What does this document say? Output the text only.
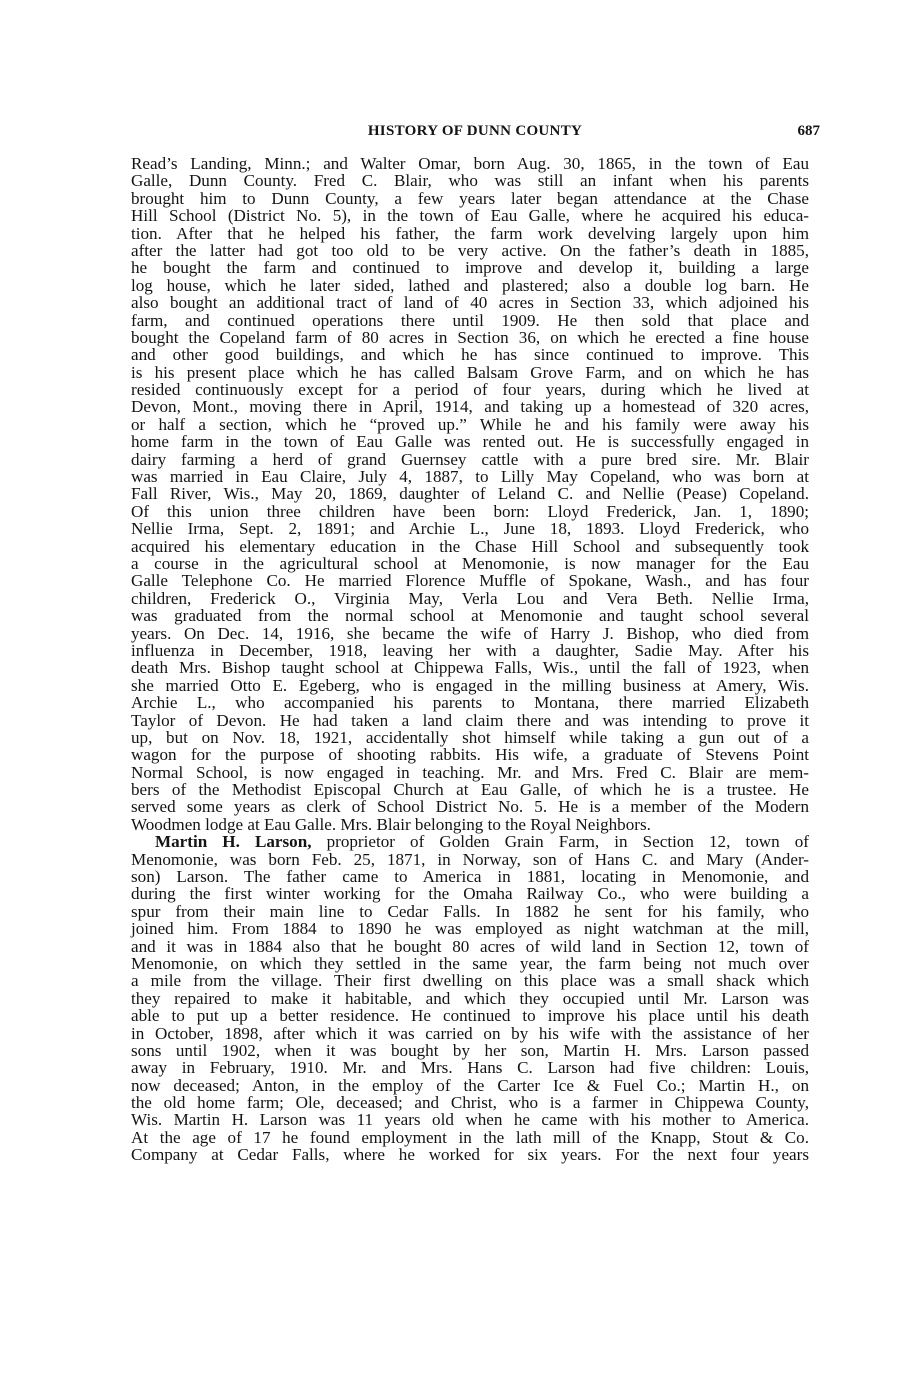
HISTORY OF DUNN COUNTY	687
Read’s Landing, Minn.; and Walter Omar, born Aug. 30, 1865, in the town of Eau
Galle, Dunn County. Fred C. Blair, who was still an infant when his parents
brought him to Dunn County, a few years later began attendance at the Chase
Hill School (District No. 5), in the town of Eau Galle, where he acquired his educa-
tion. After that he helped his father, the farm work develving largely upon him
after the latter had got too old to be very active. On the father’s death in 1885,
he bought the farm and continued to improve and develop it, building a large
log house, which he later sided, lathed and plastered; also a double log barn. He
also bought an additional tract of land of 40 acres in Section 33, which adjoined his
farm, and continued operations there until 1909. He then sold that place and
bought the Copeland farm of 80 acres in Section 36, on which he erected a fine house
and other good buildings, and which he has since continued to improve. This
is his present place which he has called Balsam Grove Farm, and on which he has
resided continuously except for a period of four years, during which he lived at
Devon, Mont., moving there in April, 1914, and taking up a homestead of 320 acres,
or half a section, which he “proved up.” While he and his family were away his
home farm in the town of Eau Galle was rented out. He is successfully engaged in
dairy farming a herd of grand Guernsey cattle with a pure bred sire. Mr. Blair
was married in Eau Claire, July 4, 1887, to Lilly May Copeland, who was born at
Fall River, Wis., May 20, 1869, daughter of Leland C. and Nellie (Pease) Copeland.
Of this union three children have been born: Lloyd Frederick, Jan. 1, 1890;
Nellie Irma, Sept. 2, 1891; and Archie L., June 18, 1893. Lloyd Frederick, who
acquired his elementary education in the Chase Hill School and subsequently took
a course in the agricultural school at Menomonie, is now manager for the Eau
Galle Telephone Co. He married Florence Muffle of Spokane, Wash., and has four
children, Frederick O., Virginia May, Verla Lou and Vera Beth. Nellie Irma,
was graduated from the normal school at Menomonie and taught school several
years. On Dec. 14, 1916, she became the wife of Harry J. Bishop, who died from
influenza in December, 1918, leaving her with a daughter, Sadie May. After his
death Mrs. Bishop taught school at Chippewa Falls, Wis., until the fall of 1923, when
she married Otto E. Egeberg, who is engaged in the milling business at Amery, Wis.
Archie L., who accompanied his parents to Montana, there married Elizabeth
Taylor of Devon. He had taken a land claim there and was intending to prove it
up, but on Nov. 18, 1921, accidentally shot himself while taking a gun out of a
wagon for the purpose of shooting rabbits. His wife, a graduate of Stevens Point
Normal School, is now engaged in teaching. Mr. and Mrs. Fred C. Blair are mem-
bers of the Methodist Episcopal Church at Eau Galle, of which he is a trustee. He
served some years as clerk of School District No. 5. He is a member of the Modern
Woodmen lodge at Eau Galle. Mrs. Blair belonging to the Royal Neighbors.
Martin H. Larson, proprietor of Golden Grain Farm, in Section 12, town of
Menomonie, was born Feb. 25, 1871, in Norway, son of Hans C. and Mary (Ander-
son) Larson. The father came to America in 1881, locating in Menomonie, and
during the first winter working for the Omaha Railway Co., who were building a
spur from their main line to Cedar Falls. In 1882 he sent for his family, who
joined him. From 1884 to 1890 he was employed as night watchman at the mill,
and it was in 1884 also that he bought 80 acres of wild land in Section 12, town of
Menomonie, on which they settled in the same year, the farm being not much over
a mile from the village. Their first dwelling on this place was a small shack which
they repaired to make it habitable, and which they occupied until Mr. Larson was
able to put up a better residence. He continued to improve his place until his death
in October, 1898, after which it was carried on by his wife with the assistance of her
sons until 1902, when it was bought by her son, Martin H. Mrs. Larson passed
away in February, 1910. Mr. and Mrs. Hans C. Larson had five children: Louis,
now deceased; Anton, in the employ of the Carter Ice & Fuel Co.; Martin H., on
the old home farm; Ole, deceased; and Christ, who is a farmer in Chippewa County,
Wis. Martin H. Larson was 11 years old when he came with his mother to America.
At the age of 17 he found employment in the lath mill of the Knapp, Stout & Co.
Company at Cedar Falls, where he worked for six years. For the next four years
